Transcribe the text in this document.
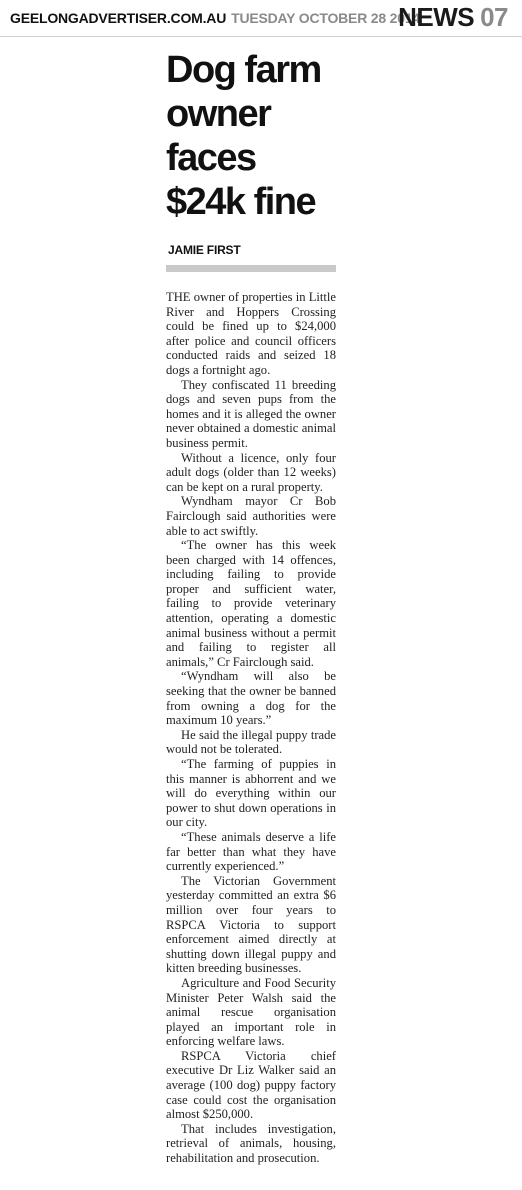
GEELONGADVERTISER.COM.AU TUESDAY OCTOBER 28 2014
NEWS 07
Dog farm
owner
faces
$24k fine
JAMIE FIRST

THE owner of properties in Little River and Hoppers Crossing could be fined up to $24,000 after police and council officers conducted raids and seized 18 dogs a fortnight ago.

They confiscated 11 breeding dogs and seven pups from the homes and it is alleged the owner never obtained a domestic animal business permit.

Without a licence, only four adult dogs (older than 12 weeks) can be kept on a rural property.

Wyndham mayor Cr Bob Fairclough said authorities were able to act swiftly.

“The owner has this week been charged with 14 offences, including failing to provide proper and sufficient water, failing to provide veterinary attention, operating a domestic animal business without a permit and failing to register all animals,” Cr Fairclough said.

“Wyndham will also be seeking that the owner be banned from owning a dog for the maximum 10 years.”

He said the illegal puppy trade would not be tolerated.

“The farming of puppies in this manner is abhorrent and we will do everything within our power to shut down operations in our city.

“These animals deserve a life far better than what they have currently experienced.”

The Victorian Government yesterday committed an extra $6 million over four years to RSPCA Victoria to support enforcement aimed directly at shutting down illegal puppy and kitten breeding businesses.

Agriculture and Food Security Minister Peter Walsh said the animal rescue organisation played an important role in enforcing welfare laws.

RSPCA Victoria chief executive Dr Liz Walker said an average (100 dog) puppy factory case could cost the organisation almost $250,000.

That includes investigation, retrieval of animals, housing, rehabilitation and prosecution.
